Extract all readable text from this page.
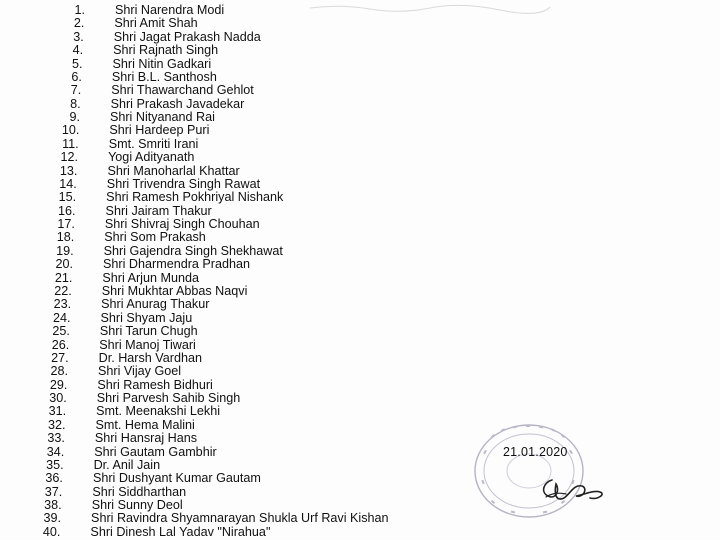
1. Shri Narendra Modi
2. Shri Amit Shah
3. Shri Jagat Prakash Nadda
4. Shri Rajnath Singh
5. Shri Nitin Gadkari
6. Shri B.L. Santhosh
7. Shri Thawarchand Gehlot
8. Shri Prakash Javadekar
9. Shri Nityanand Rai
10. Shri Hardeep Puri
11. Smt. Smriti Irani
12. Yogi Adityanath
13. Shri Manoharlal Khattar
14. Shri Trivendra Singh Rawat
15. Shri Ramesh Pokhriyal Nishank
16. Shri Jairam Thakur
17. Shri Shivraj Singh Chouhan
18. Shri Som Prakash
19. Shri Gajendra Singh Shekhawat
20. Shri Dharmendra Pradhan
21. Shri Arjun Munda
22. Shri Mukhtar Abbas Naqvi
23. Shri Anurag Thakur
24. Shri Shyam Jaju
25. Shri Tarun Chugh
26. Shri Manoj Tiwari
27. Dr. Harsh Vardhan
28. Shri Vijay Goel
29. Shri Ramesh Bidhuri
30. Shri Parvesh Sahib Singh
31. Smt. Meenakshi Lekhi
32. Smt. Hema Malini
33. Shri Hansraj Hans
34. Shri Gautam Gambhir
35. Dr. Anil Jain
36. Shri Dushyant Kumar Gautam
37. Shri Siddharthan
38. Shri Sunny Deol
39. Shri Ravindra Shyamnarayan Shukla Urf Ravi Kishan
40. Shri Dinesh Lal Yadav "Nirahua"
21.01.2020
